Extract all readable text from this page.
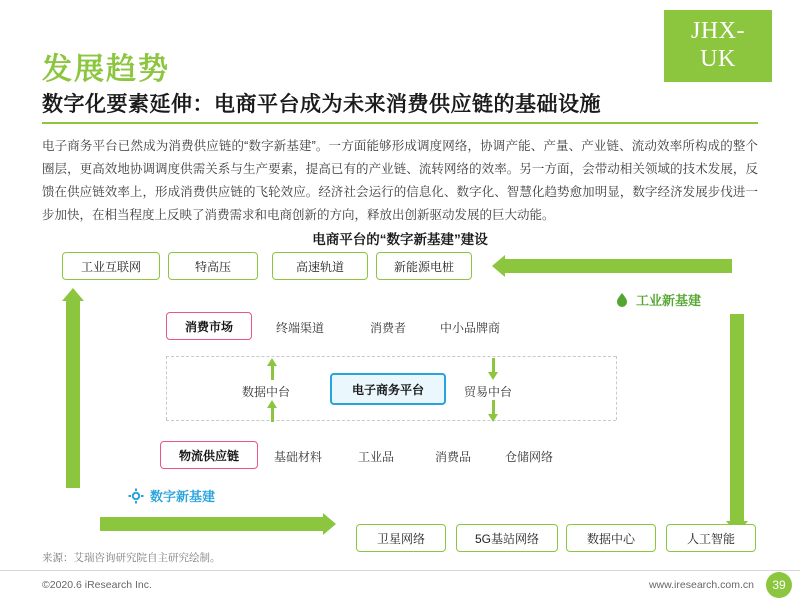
JHX-
UK
发展趋势
数字化要素延伸：电商平台成为未来消费供应链的基础设施
电子商务平台已然成为消费供应链的“数字新基建”。一方面能够形成调度网络，协调产能、产量、产业链、流动效率所构成的整个圈层，更高效地协调调度供需关系与生产要素，提高已有的产业链、流转网络的效率。另一方面，会带动相关领域的技术发展，反馈在供应链效率上，形成消费供应链的飞轮效应。经济社会运行的信息化、数字化、智慧化趋势愈加明显，数字经济发展步伐进一步加快，在相当程度上反映了消费需求和电商创新的方向，释放出创新驱动发展的巨大动能。
电商平台的“数字新基建”建设
工业互联网	特高压	高速轨道	新能源电桩
工业新基建
消费市场	终端渠道	消费者	中小品牌商
数据中台	电子商务平台	贸易中台
物流供应链	基础材料	工业品	消费品	仓储网络
数字新基建
卫星网络	5G基站网络	数据中心	人工智能
来源：艾瑞咨询研究院自主研究绘制。
©2020.6 iResearch Inc.	www.iresearch.com.cn	39
